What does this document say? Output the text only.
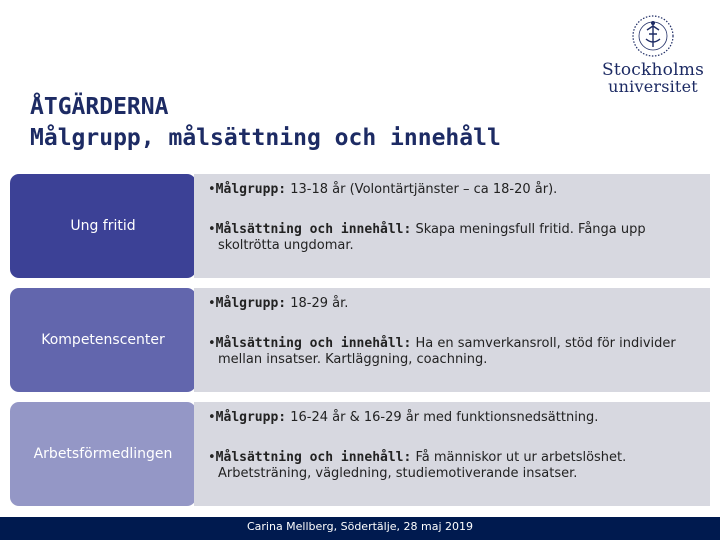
ÅTGÄRDERNA
Målgrupp, målsättning och innehåll
Stockholms
universitet
Ung fritid
•Målgrupp: 13-18 år (Volontärtjänster – ca 18-20 år).
•Målsättning och innehåll: Skapa meningsfull fritid. Fånga upp skoltrötta ungdomar.
Kompetenscenter
•Målgrupp: 18-29 år.
•Målsättning och innehåll: Ha en samverkansroll, stöd för individer mellan insatser. Kartläggning, coachning.
Arbetsförmedlingen
•Målgrupp: 16-24 år & 16-29 år med funktionsnedsättning.
•Målsättning och innehåll: Få människor ut ur arbetslöshet. Arbetsträning, vägledning, studiemotiverande insatser.
Carina Mellberg, Södertälje, 28 maj 2019
